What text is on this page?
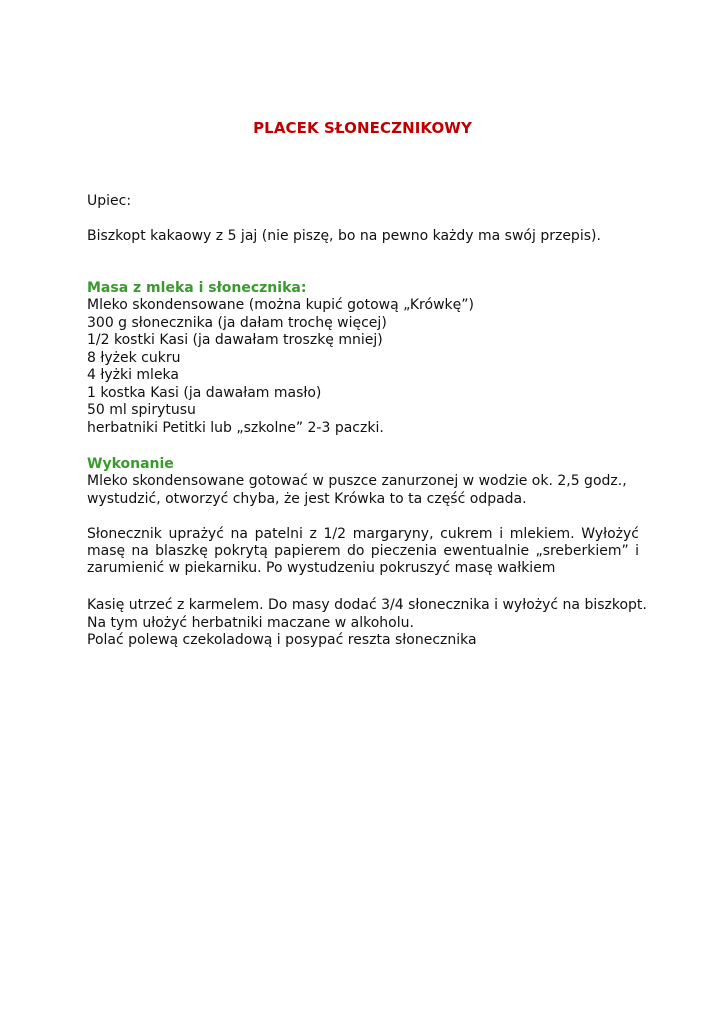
PLACEK SŁONECZNIKOWY
Upiec:
Biszkopt kakaowy z 5 jaj (nie piszę, bo na pewno każdy ma swój przepis).
Masa z mleka i słonecznika:
Mleko skondensowane (można kupić gotową „Krówkę”)
300 g słonecznika (ja dałam trochę więcej)
1/2 kostki Kasi (ja dawałam troszkę mniej)
8 łyżek cukru
4 łyżki mleka
1 kostka Kasi (ja dawałam masło)
50 ml spirytusu
herbatniki Petitki lub „szkolne” 2-3 paczki.
Wykonanie
Mleko skondensowane gotować w puszce zanurzonej w wodzie ok. 2,5 godz.,
wystudzić, otworzyć chyba, że jest Krówka to ta część odpada.
Słonecznik uprażyć na patelni z 1/2 margaryny, cukrem i mlekiem. Wyłożyć masę na blaszkę pokrytą papierem do pieczenia ewentualnie „sreberkiem” i zarumienić w piekarniku. Po wystudzeniu pokruszyć masę wałkiem
Kasię utrzeć z karmelem. Do masy dodać 3/4 słonecznika i wyłożyć na biszkopt.
Na tym ułożyć herbatniki maczane w alkoholu.
Polać polewą czekoladową i posypać reszta słonecznika
